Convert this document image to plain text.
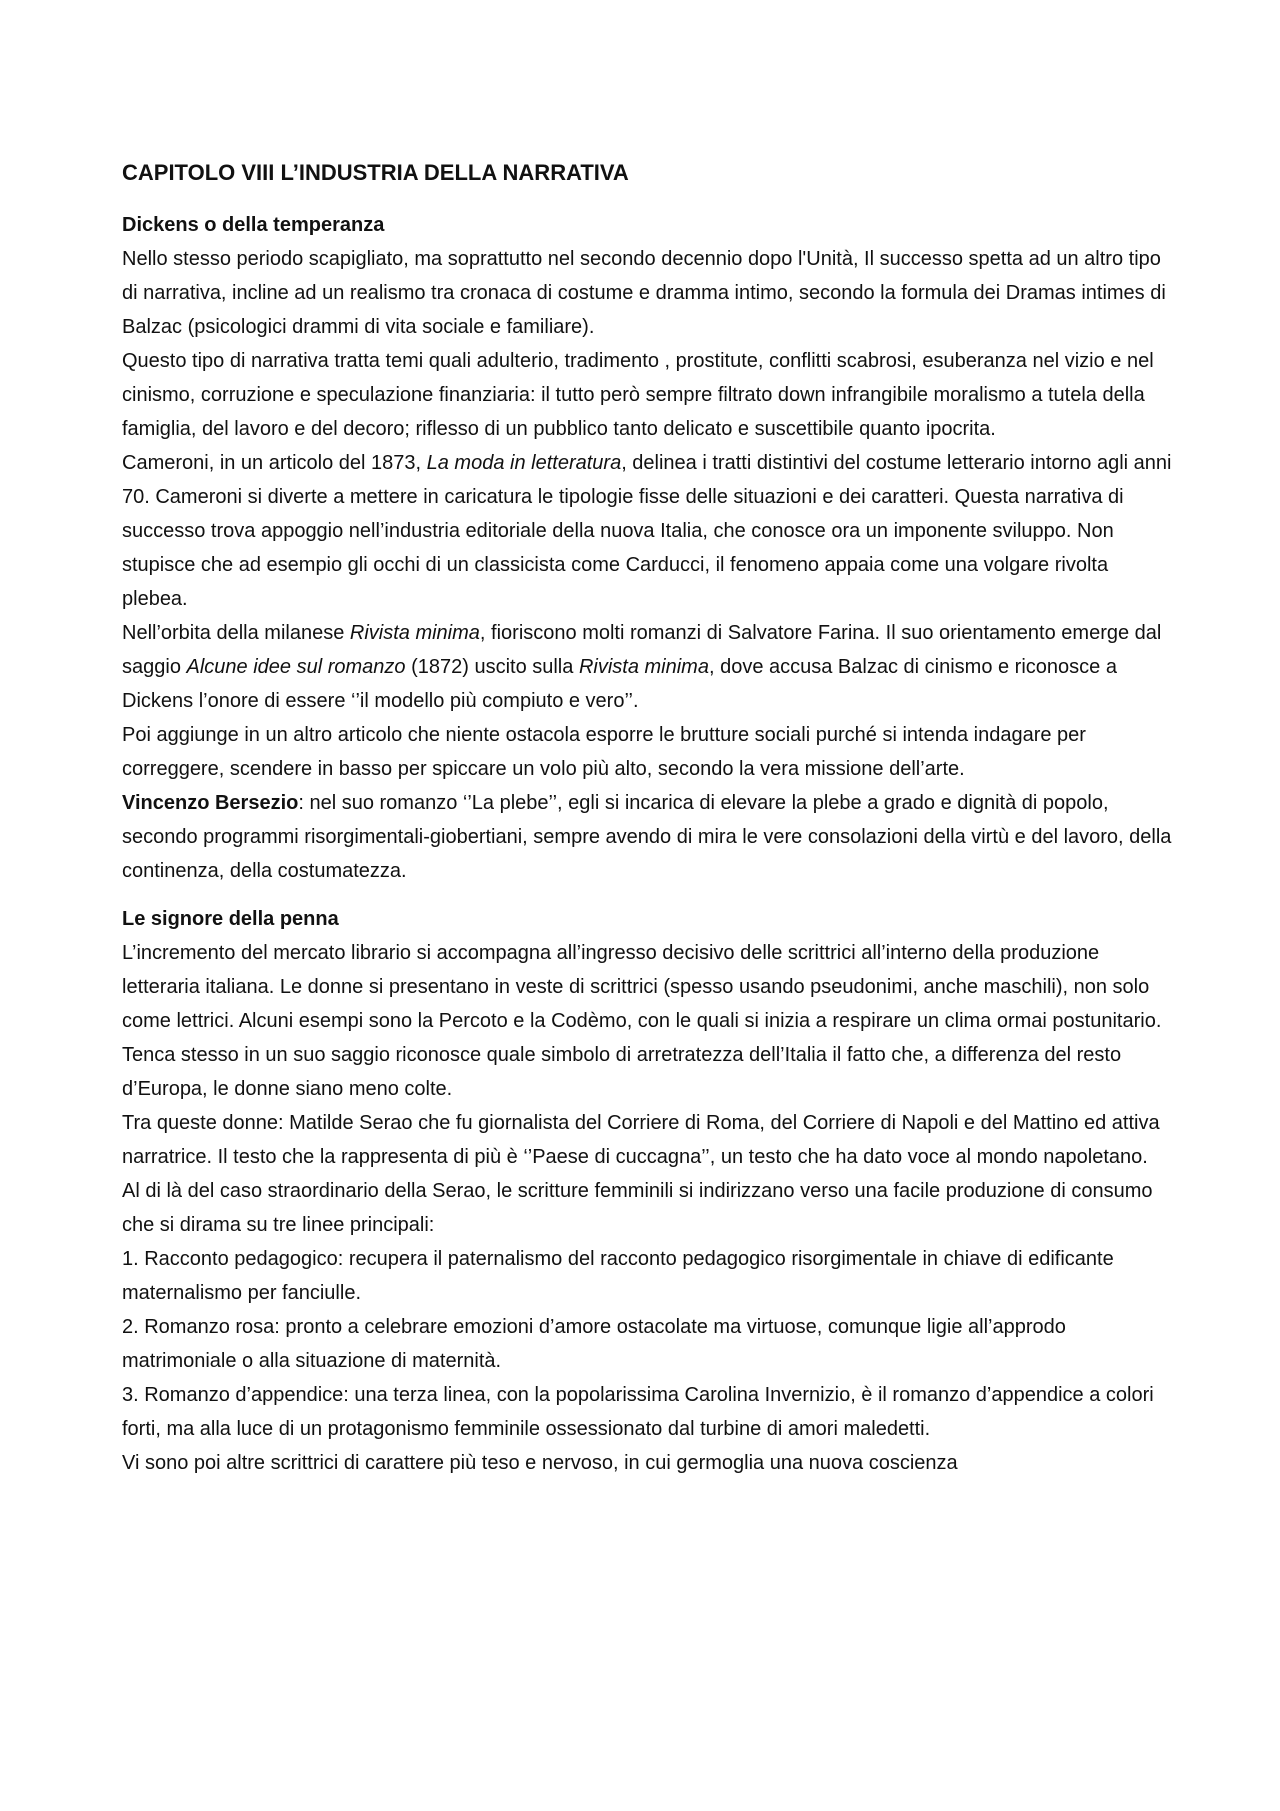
CAPITOLO VIII L’INDUSTRIA DELLA NARRATIVA
Dickens o della temperanza

Nello stesso periodo scapigliato, ma soprattutto nel secondo decennio dopo l'Unità, Il successo spetta ad un altro tipo di narrativa, incline ad un realismo tra cronaca di costume e dramma intimo, secondo la formula dei Dramas intimes di Balzac (psicologici drammi di vita sociale e familiare).

Questo tipo di narrativa tratta temi quali adulterio, tradimento , prostitute, conflitti scabrosi, esuberanza nel vizio e nel cinismo, corruzione e speculazione finanziaria: il tutto però sempre filtrato down infrangibile moralismo a tutela della famiglia, del lavoro e del decoro; riflesso di un pubblico tanto delicato e suscettibile quanto ipocrita.

Cameroni, in un articolo del 1873, La moda in letteratura, delinea i tratti distintivi del costume letterario intorno agli anni 70. Cameroni si diverte a mettere in caricatura le tipologie fisse delle situazioni e dei caratteri. Questa narrativa di successo trova appoggio nell’industria editoriale della nuova Italia, che conosce ora un imponente sviluppo. Non stupisce che ad esempio gli occhi di un classicista come Carducci, il fenomeno appaia come una volgare rivolta plebea.

Nell’orbita della milanese Rivista minima, fioriscono molti romanzi di Salvatore Farina. Il suo orientamento emerge dal saggio Alcune idee sul romanzo (1872) uscito sulla Rivista minima, dove accusa Balzac di cinismo e riconosce a Dickens l’onore di essere ‘’il modello più compiuto e vero’’.

Poi aggiunge in un altro articolo che niente ostacola esporre le brutture sociali purché si intenda indagare per correggere, scendere in basso per spiccare un volo più alto, secondo la vera missione dell’arte.

Vincenzo Bersezio: nel suo romanzo ‘’La plebe’’, egli si incarica di elevare la plebe a grado e dignità di popolo, secondo programmi risorgimentali-giobertiani, sempre avendo di mira le vere consolazioni della virtù e del lavoro, della continenza, della costumatezza.

Le signore della penna

L’incremento del mercato librario si accompagna all’ingresso decisivo delle scrittrici all’interno della produzione letteraria italiana. Le donne si presentano in veste di scrittrici (spesso usando pseudonimi, anche maschili), non solo come lettrici. Alcuni esempi sono la Percoto e la Codèmo, con le quali si inizia a respirare un clima ormai postunitario. Tenca stesso in un suo saggio riconosce quale simbolo di arretratezza dell’Italia il fatto che, a differenza del resto d’Europa, le donne siano meno colte.

Tra queste donne: Matilde Serao che fu giornalista del Corriere di Roma, del Corriere di Napoli e del Mattino ed attiva narratrice. Il testo che la rappresenta di più è ‘’Paese di cuccagna’’, un testo che ha dato voce al mondo napoletano.

Al di là del caso straordinario della Serao, le scritture femminili si indirizzano verso una facile produzione di consumo che si dirama su tre linee principali:

1. Racconto pedagogico: recupera il paternalismo del racconto pedagogico risorgimentale in chiave di edificante maternalismo per fanciulle.

2. Romanzo rosa: pronto a celebrare emozioni d’amore ostacolate ma virtuose, comunque ligie all’approdo matrimoniale o alla situazione di maternità.

3. Romanzo d’appendice: una terza linea, con la popolarissima Carolina Invernizio, è il romanzo d’appendice a colori forti, ma alla luce di un protagonismo femminile ossessionato dal turbine di amori maledetti.

Vi sono poi altre scrittrici di carattere più teso e nervoso, in cui germoglia una nuova coscienza
